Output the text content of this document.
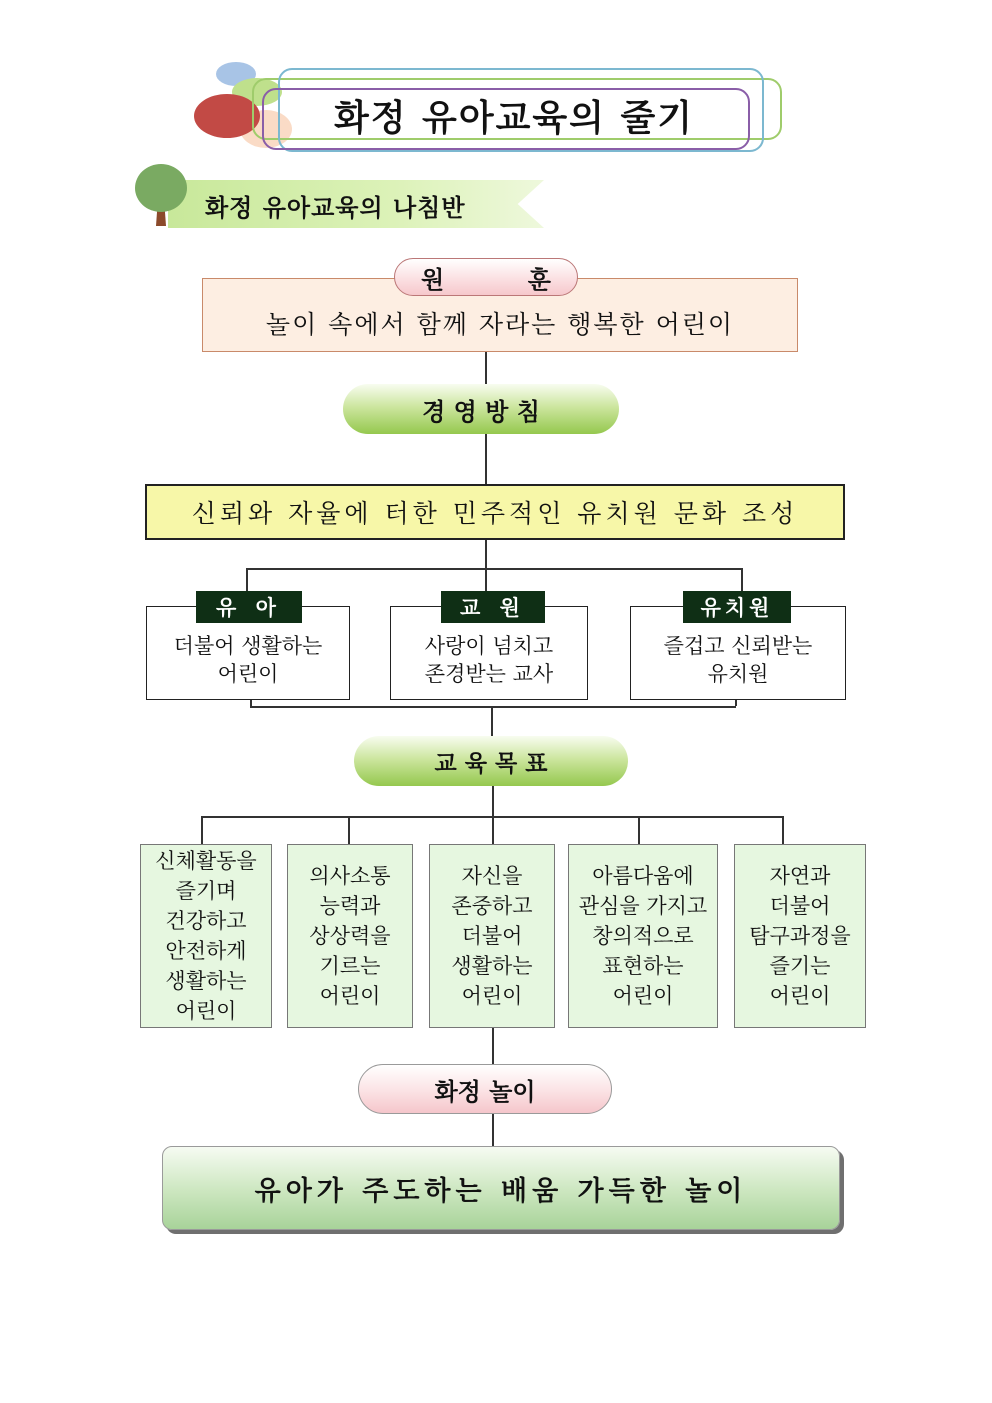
화정 유아교육의 줄기
화정 유아교육의 나침반
놀이 속에서 함께 자라는 행복한 어린이
원          훈
경 영 방 침
신뢰와 자율에 터한 민주적인 유치원 문화 조성
더불어 생활하는
어린이
유 아
사랑이 넘치고
존경받는 교사
교 원
즐겁고 신뢰받는
유치원
유치원
교 육 목 표
신체활동을
즐기며
건강하고
안전하게
생활하는
어린이
의사소통
능력과
상상력을
기르는
어린이
자신을
존중하고
더불어
생활하는
어린이
아름다움에
관심을 가지고
창의적으로
표현하는
어린이
자연과
더불어
탐구과정을
즐기는
어린이
화정 놀이
유아가 주도하는 배움 가득한 놀이
